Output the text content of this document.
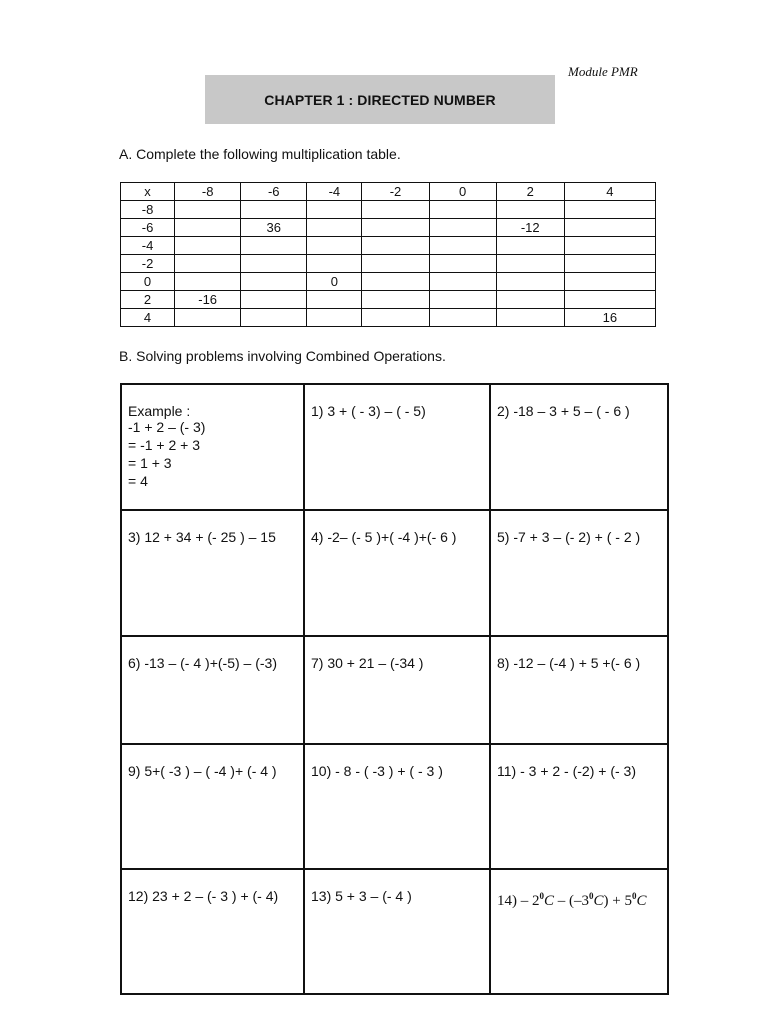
Module PMR
CHAPTER 1 : DIRECTED NUMBER
A. Complete the following multiplication table.
x	-8	-6	-4	-2	0	2	4
-8							
-6		36				-12	
-4							
-2							
0			0				
2	-16						
4							16
B. Solving problems involving Combined Operations.
Example :
-1 + 2 – (- 3)
= -1 + 2 + 3
= 1 + 3
= 4	1) 3 + ( - 3) – ( - 5)	2) -18 – 3 + 5 – ( - 6 )

3) 12 + 34 + (- 25 ) – 15	4) -2– (- 5 )+( -4 )+(- 6 )	5) -7 + 3 – (- 2) + ( - 2 )

6) -13 – (- 4 )+(-5) – (-3)	7) 30 + 21 – (-34 )	8) -12 – (-4 ) + 5 +(- 6 )

9) 5+( -3 ) – ( -4 )+ (- 4 )	10) - 8 - ( -3 ) + ( - 3 )	11) - 3 + 2 - (-2) + (- 3)

12) 23 + 2 – (- 3 ) + (- 4)	13) 5 + 3 – (- 4 )	$14) - 2^0C - (-3^0C) + 5^0C$
